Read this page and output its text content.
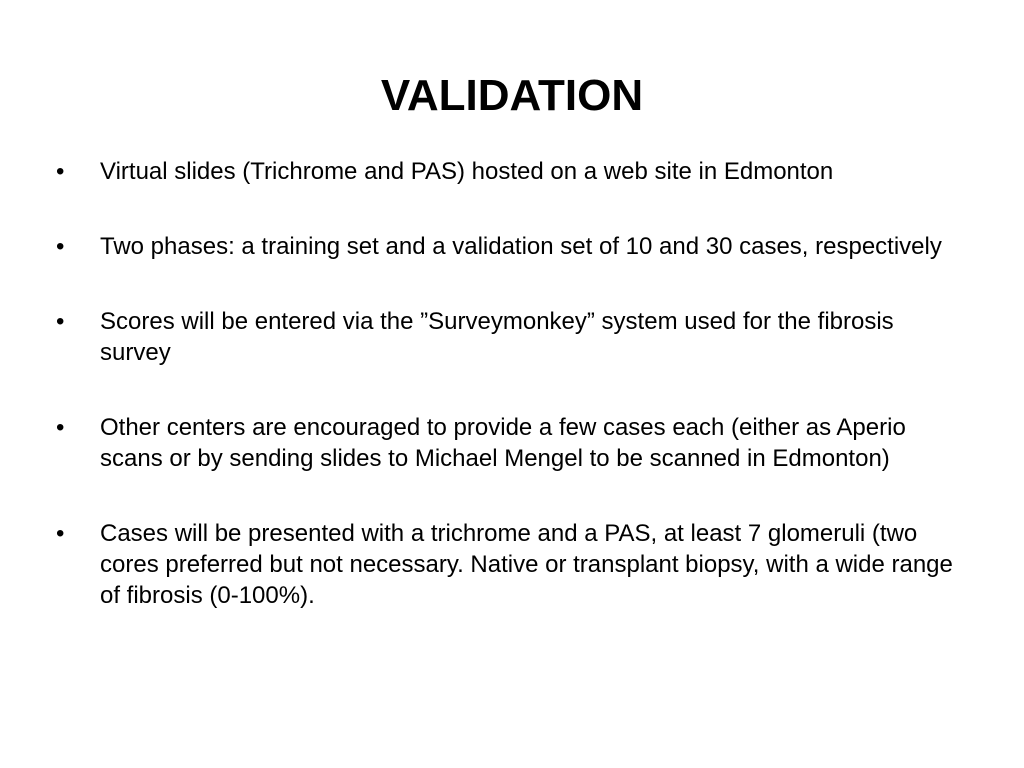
VALIDATION
•	Virtual slides (Trichrome and PAS) hosted on a web site in Edmonton
•	Two phases: a training set and a validation set of 10 and 30 cases, respectively
•	Scores will be entered via the ”Surveymonkey” system used for the fibrosis survey
•	Other centers are encouraged to provide a few cases each (either as Aperio scans or by sending slides to Michael Mengel to be scanned in Edmonton)
•	Cases will be presented with a trichrome and a PAS, at least 7 glomeruli (two cores preferred but not necessary. Native or transplant biopsy, with a wide range of fibrosis (0-100%).
